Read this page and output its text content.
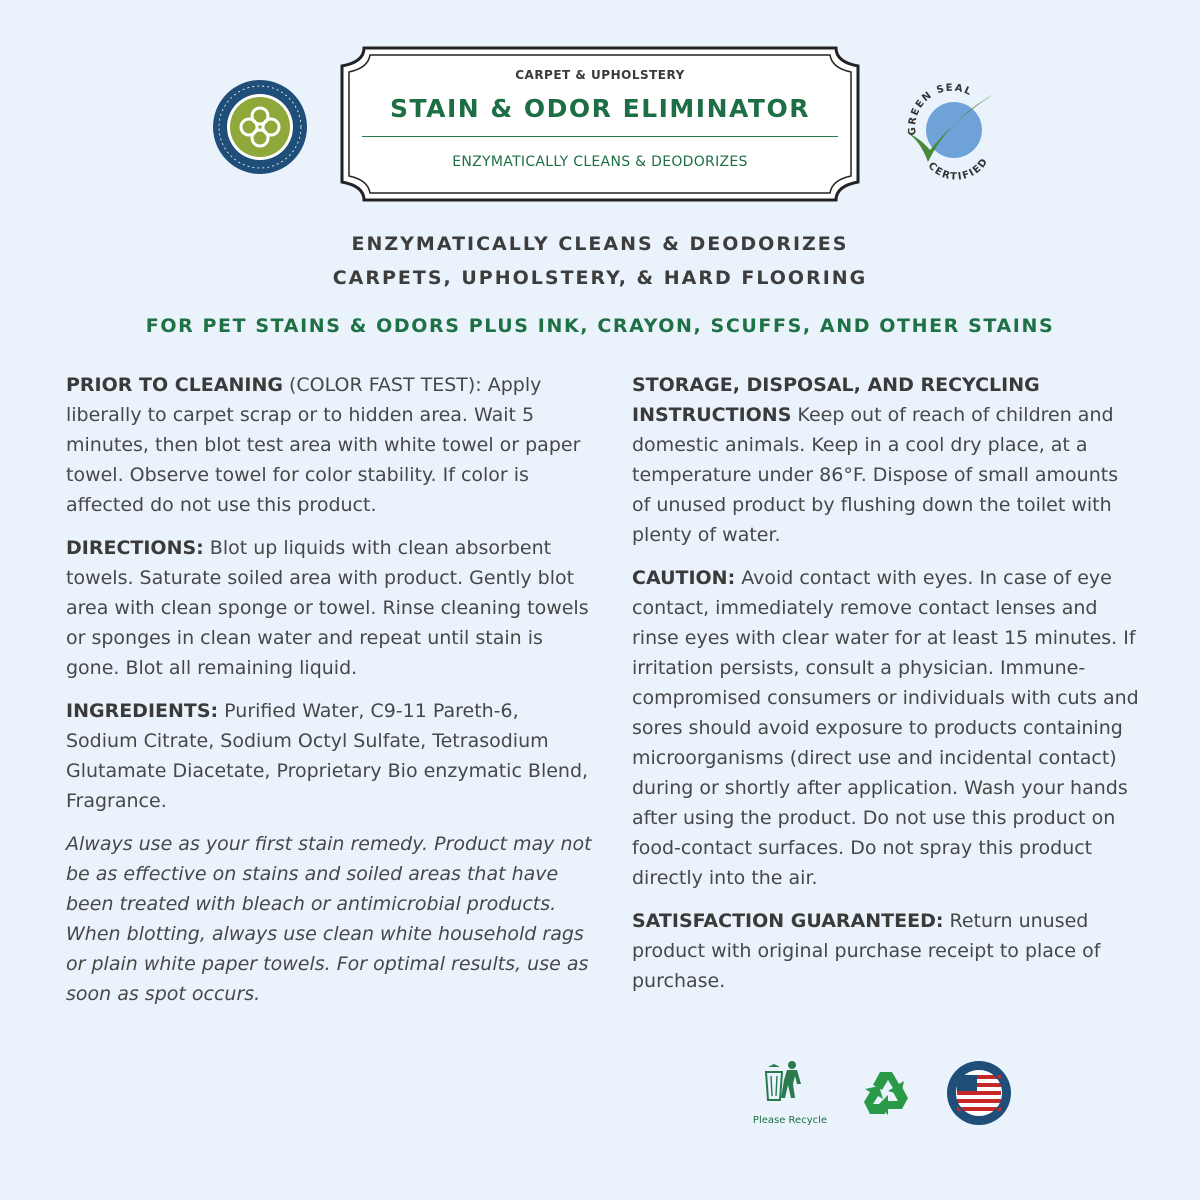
CARPET & UPHOLSTERY
STAIN & ODOR ELIMINATOR
ENZYMATICALLY CLEANS & DEODORIZES
GREEN SEAL
CERTIFIED
ENZYMATICALLY CLEANS & DEODORIZES
CARPETS, UPHOLSTERY, & HARD FLOORING
FOR PET STAINS & ODORS PLUS INK, CRAYON, SCUFFS, AND OTHER STAINS

PRIOR TO CLEANING (COLOR FAST TEST): Apply liberally to carpet scrap or to hidden area. Wait 5 minutes, then blot test area with white towel or paper towel. Observe towel for color stability. If color is affected do not use this product.

DIRECTIONS: Blot up liquids with clean absorbent towels. Saturate soiled area with product. Gently blot area with clean sponge or towel. Rinse cleaning towels or sponges in clean water and repeat until stain is gone. Blot all remaining liquid.

INGREDIENTS: Purified Water, C9-11 Pareth-6, Sodium Citrate, Sodium Octyl Sulfate, Tetrasodium Glutamate Diacetate, Proprietary Bio enzymatic Blend, Fragrance.

Always use as your first stain remedy. Product may not be as effective on stains and soiled areas that have been treated with bleach or antimicrobial products. When blotting, always use clean white household rags or plain white paper towels. For optimal results, use as soon as spot occurs.

STORAGE, DISPOSAL, AND RECYCLING INSTRUCTIONS Keep out of reach of children and domestic animals. Keep in a cool dry place, at a temperature under 86°F. Dispose of small amounts of unused product by flushing down the toilet with plenty of water.

CAUTION: Avoid contact with eyes. In case of eye contact, immediately remove contact lenses and rinse eyes with clear water for at least 15 minutes. If irritation persists, consult a physician. Immune-compromised consumers or individuals with cuts and sores should avoid exposure to products containing microorganisms (direct use and incidental contact) during or shortly after application. Wash your hands after using the product. Do not use this product on food-contact surfaces. Do not spray this product directly into the air.

SATISFACTION GUARANTEED: Return unused product with original purchase receipt to place of purchase.

Please Recycle
